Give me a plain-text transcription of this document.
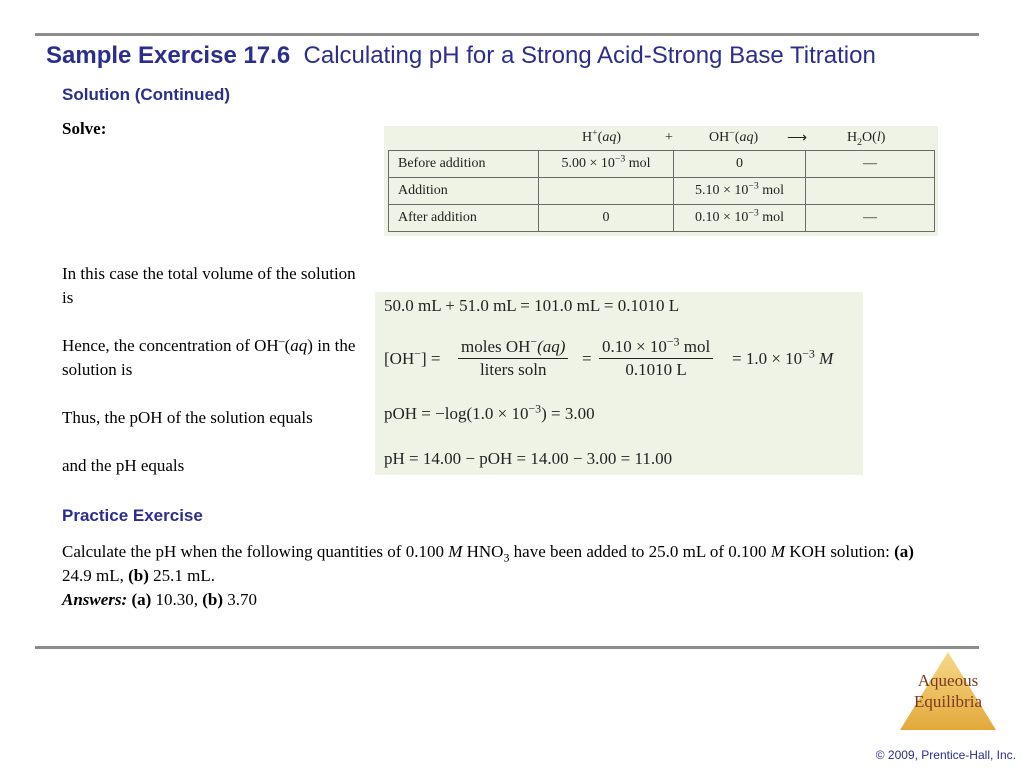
Sample Exercise 17.6 Calculating pH for a Strong Acid-Strong Base Titration
Solution (Continued)
Solve:	H+(aq)	+	OH−(aq) ⟶	$H_2O(l)$
Before addition	$5.00 \times 10^{-3}$ mol	0	—
Addition		$5.10 \times 10^{-3}$ mol	
After addition	0	$0.10 \times 10^{-3}$ mol	—
In this case the total volume of the solution is
Hence, the concentration of OH–(aq) in the solution is
Thus, the pOH of the solution equals
and the pH equals
50.0 mL + 51.0 mL = 101.0 mL = 0.1010 L
[OH−] =
moles OH−(aq)
liters soln
=
$0.10 \times 10^{-3}$ mol
0.1010 L
= $1.0 \times 10^{-3}$ M
pOH = $-\log(1.0 \times 10^{-3}) = 3.00$
pH = 14.00 − pOH = 14.00 − 3.00 = 11.00
Practice Exercise
Calculate the pH when the following quantities of 0.100 M $HNO_3$ have been added to 25.0 mL of 0.100 M KOH solution: (a) 24.9 mL, (b) 25.1 mL.
Answers: (a) 10.30, (b) 3.70
Aqueous
Equilibria
© 2009, Prentice-Hall, Inc.
